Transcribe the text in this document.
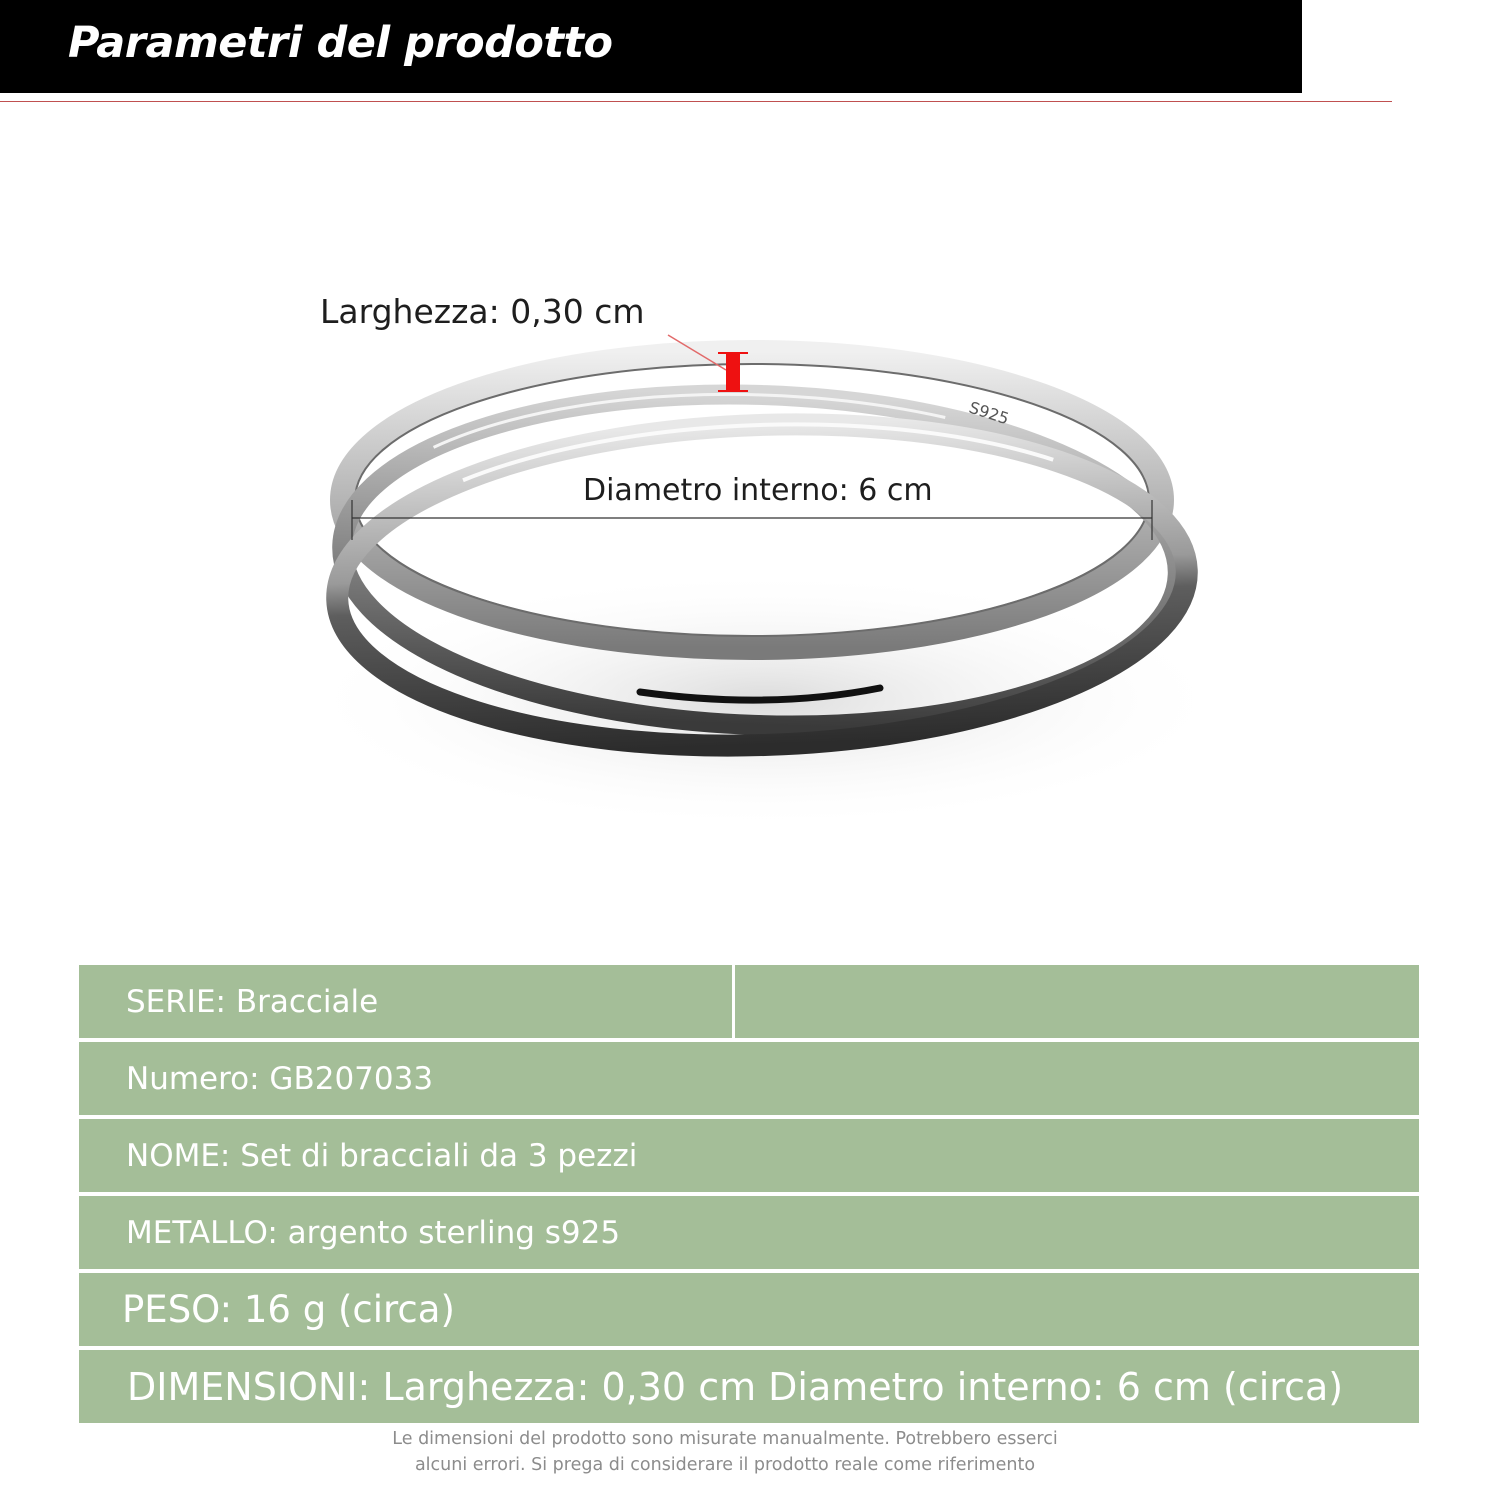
Parametri del prodotto
S925
Larghezza: 0,30 cm
Diametro interno: 6 cm
SERIE: Bracciale
Numero: GB207033
NOME: Set di bracciali da 3 pezzi
METALLO: argento sterling s925
PESO: 16 g (circa)
DIMENSIONI: Larghezza: 0,30 cm Diametro interno: 6 cm (circa)
Le dimensioni del prodotto sono misurate manualmente. Potrebbero esserci
alcuni errori. Si prega di considerare il prodotto reale come riferimento
